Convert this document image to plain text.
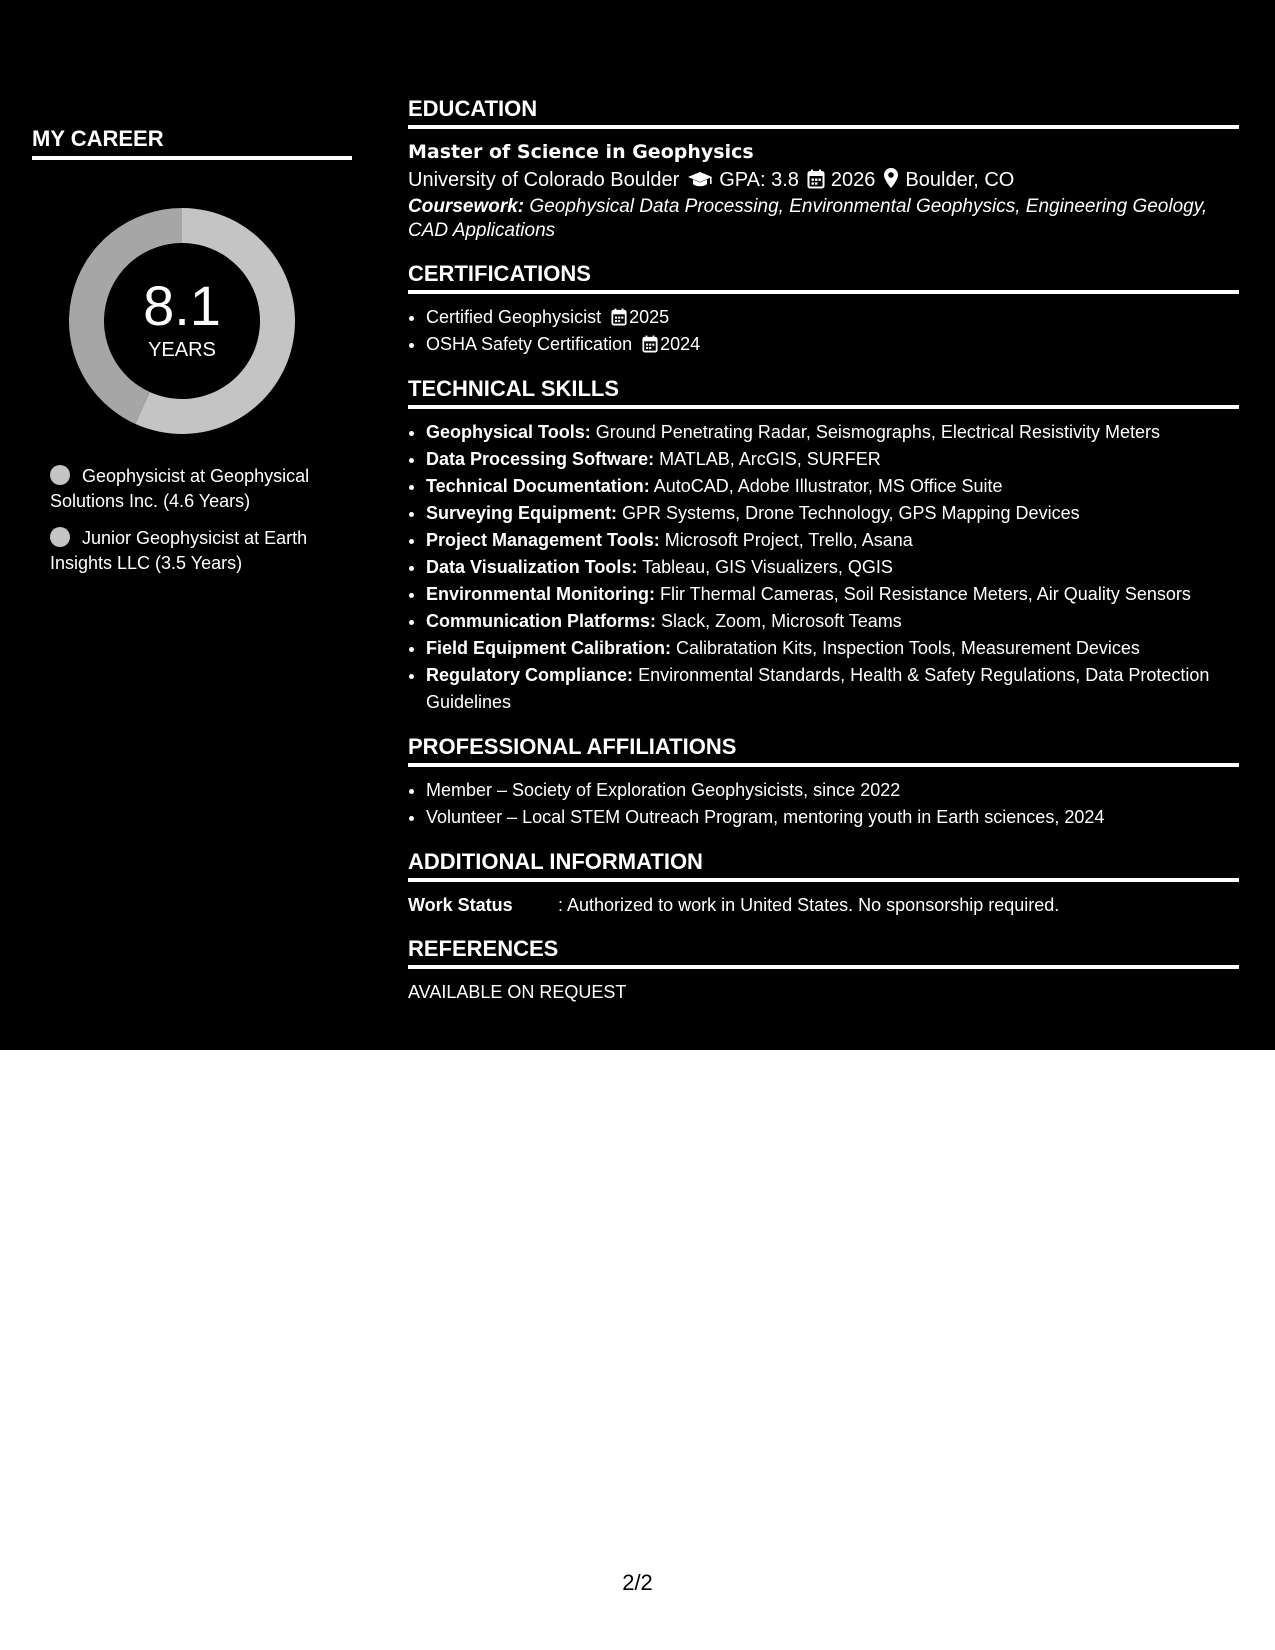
MY CAREER
8.1
YEARS
Geophysicist at Geophysical Solutions Inc. (4.6 Years)
Junior Geophysicist at Earth Insights LLC (3.5 Years)
EDUCATION
Master of Science in Geophysics
University of Colorado Boulder GPA: 3.8 2026 Boulder, CO
Coursework: Geophysical Data Processing, Environmental Geophysics, Engineering Geology, CAD Applications
CERTIFICATIONS
• Certified Geophysicist 2025
• OSHA Safety Certification 2024
TECHNICAL SKILLS
• Geophysical Tools: Ground Penetrating Radar, Seismographs, Electrical Resistivity Meters
• Data Processing Software: MATLAB, ArcGIS, SURFER
• Technical Documentation: AutoCAD, Adobe Illustrator, MS Office Suite
• Surveying Equipment: GPR Systems, Drone Technology, GPS Mapping Devices
• Project Management Tools: Microsoft Project, Trello, Asana
• Data Visualization Tools: Tableau, GIS Visualizers, QGIS
• Environmental Monitoring: Flir Thermal Cameras, Soil Resistance Meters, Air Quality Sensors
• Communication Platforms: Slack, Zoom, Microsoft Teams
• Field Equipment Calibration: Calibratation Kits, Inspection Tools, Measurement Devices
• Regulatory Compliance: Environmental Standards, Health & Safety Regulations, Data Protection Guidelines
PROFESSIONAL AFFILIATIONS
• Member – Society of Exploration Geophysicists, since 2022
• Volunteer – Local STEM Outreach Program, mentoring youth in Earth sciences, 2024
ADDITIONAL INFORMATION
Work Status	: Authorized to work in United States. No sponsorship required.
REFERENCES
AVAILABLE ON REQUEST
2/2
